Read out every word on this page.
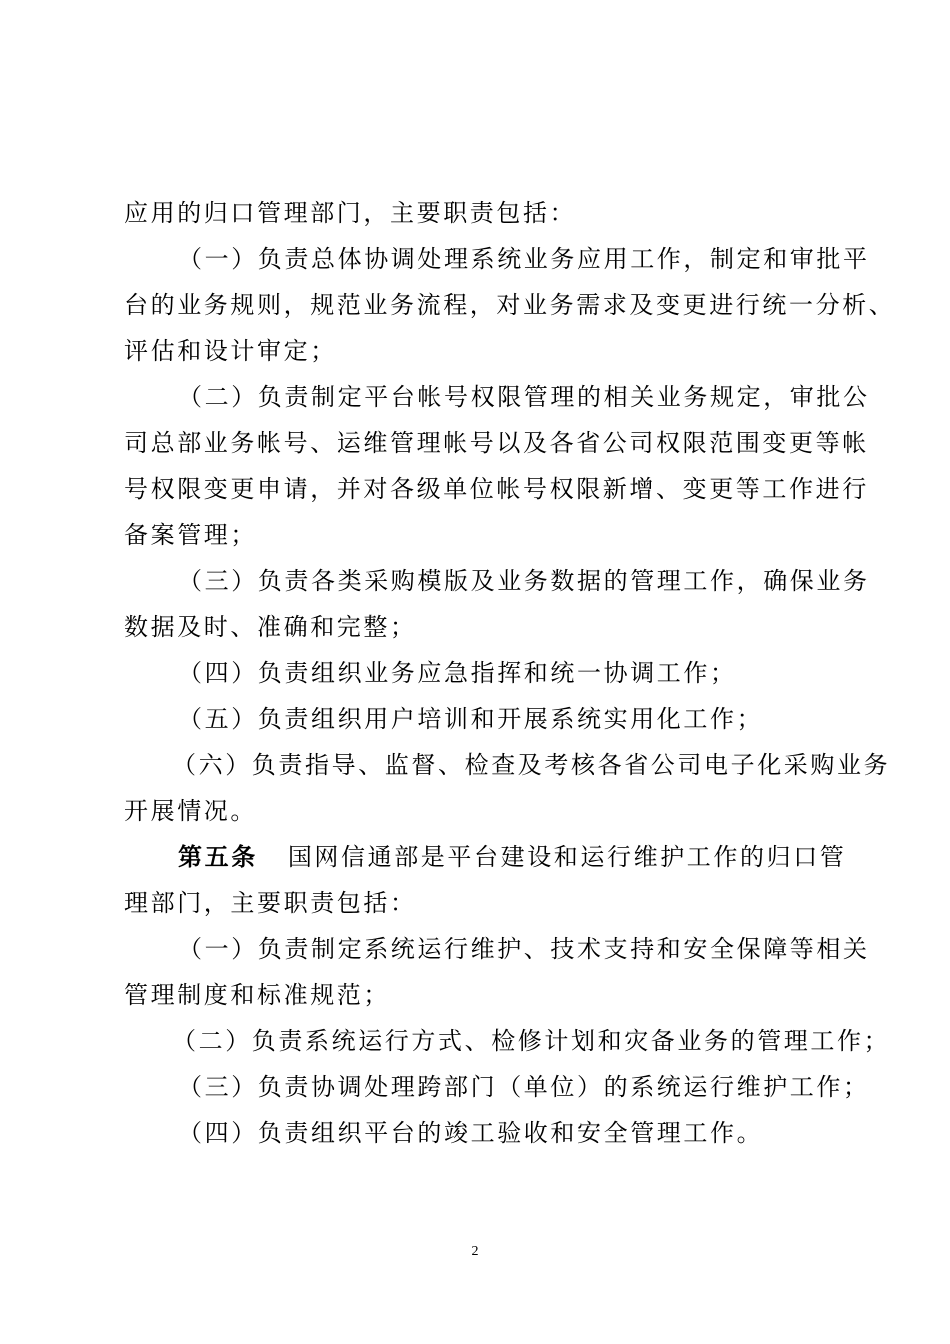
应用的归口管理部门，主要职责包括：
（一）负责总体协调处理系统业务应用工作，制定和审批平
台的业务规则，规范业务流程，对业务需求及变更进行统一分析、
评估和设计审定；
（二）负责制定平台帐号权限管理的相关业务规定，审批公
司总部业务帐号、运维管理帐号以及各省公司权限范围变更等帐
号权限变更申请，并对各级单位帐号权限新增、变更等工作进行
备案管理；
（三）负责各类采购模版及业务数据的管理工作，确保业务
数据及时、准确和完整；
（四）负责组织业务应急指挥和统一协调工作；
（五）负责组织用户培训和开展系统实用化工作；
（六）负责指导、监督、检查及考核各省公司电子化采购业务
开展情况。
第五条 国网信通部是平台建设和运行维护工作的归口管
理部门，主要职责包括：
（一）负责制定系统运行维护、技术支持和安全保障等相关
管理制度和标准规范；
（二）负责系统运行方式、检修计划和灾备业务的管理工作；
（三）负责协调处理跨部门（单位）的系统运行维护工作；
（四）负责组织平台的竣工验收和安全管理工作。
2
